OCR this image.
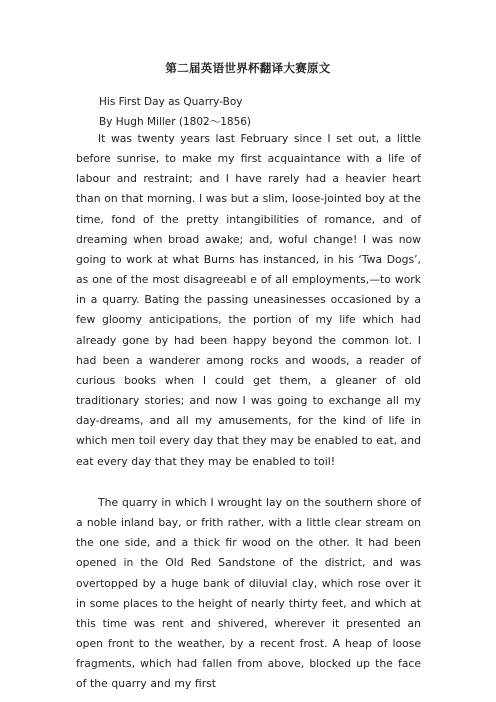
第二届英语世界杯翻译大赛原文
His First Day as Quarry-Boy
By Hugh Miller (1802～1856)

It was twenty years last February since I set out, a little before sunrise, to make my first acquaintance with a life of labour and restraint; and I have rarely had a heavier heart than on that morning. I was but a slim, loose-jointed boy at the time, fond of the pretty intangibilities of romance, and of dreaming when broad awake; and, woful change! I was now going to work at what Burns has instanced, in his ‘Twa Dogs’, as one of the most disagreeabl e of all employments,—to work in a quarry. Bating the passing uneasinesses occasioned by a few gloomy anticipations, the portion of my life which had already gone by had been happy beyond the common lot. I had been a wanderer among rocks and woods, a reader of curious books when I could get them, a gleaner of old traditionary stories; and now I was going to exchange all my day-dreams, and all my amusements, for the kind of life in which men toil every day that they may be enabled to eat, and eat every day that they may be enabled to toil!

The quarry in which I wrought lay on the southern shore of a noble inland bay, or frith rather, with a little clear stream on the one side, and a thick fir wood on the other. It had been opened in the Old Red Sandstone of the district, and was overtopped by a huge bank of diluvial clay, which rose over it in some places to the height of nearly thirty feet, and which at this time was rent and shivered, wherever it presented an open front to the weather, by a recent frost. A heap of loose fragments, which had fallen from above, blocked up the face of the quarry and my first
